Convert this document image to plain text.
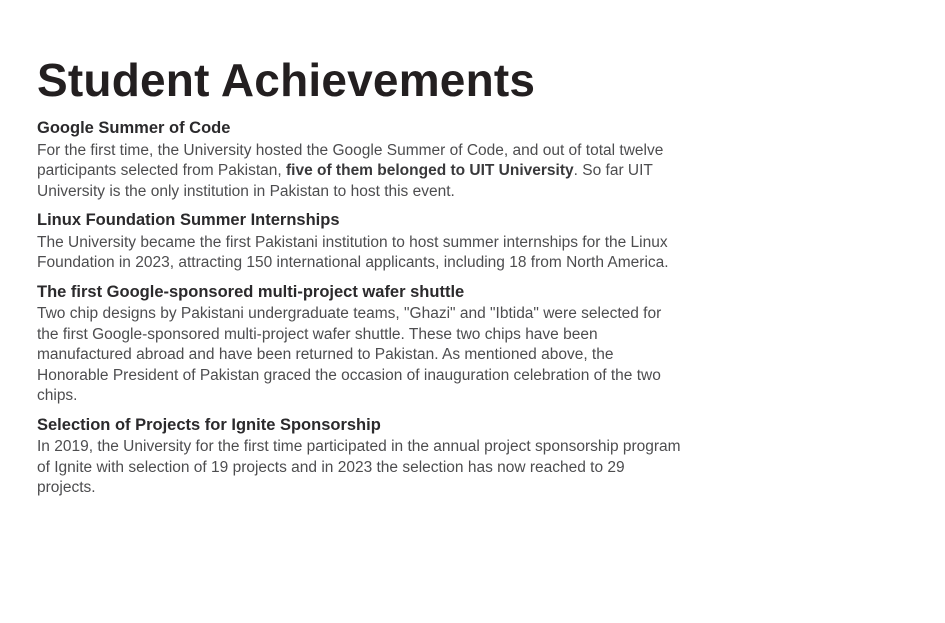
Student Achievements
Google Summer of Code

For the first time, the University hosted the Google Summer of Code, and out of total twelve participants selected from Pakistan, five of them belonged to UIT University. So far UIT University is the only institution in Pakistan to host this event.

Linux Foundation Summer Internships

The University became the first Pakistani institution to host summer internships for the Linux Foundation in 2023, attracting 150 international applicants, including 18 from North America.

The first Google-sponsored multi-project wafer shuttle

Two chip designs by Pakistani undergraduate teams, "Ghazi" and "Ibtida" were selected for the first Google-sponsored multi-project wafer shuttle. These two chips have been manufactured abroad and have been returned to Pakistan. As mentioned above, the Honorable President of Pakistan graced the occasion of inauguration celebration of the two chips.

Selection of Projects for Ignite Sponsorship

In 2019, the University for the first time participated in the annual project sponsorship program of Ignite with selection of 19 projects and in 2023 the selection has now reached to 29 projects.
